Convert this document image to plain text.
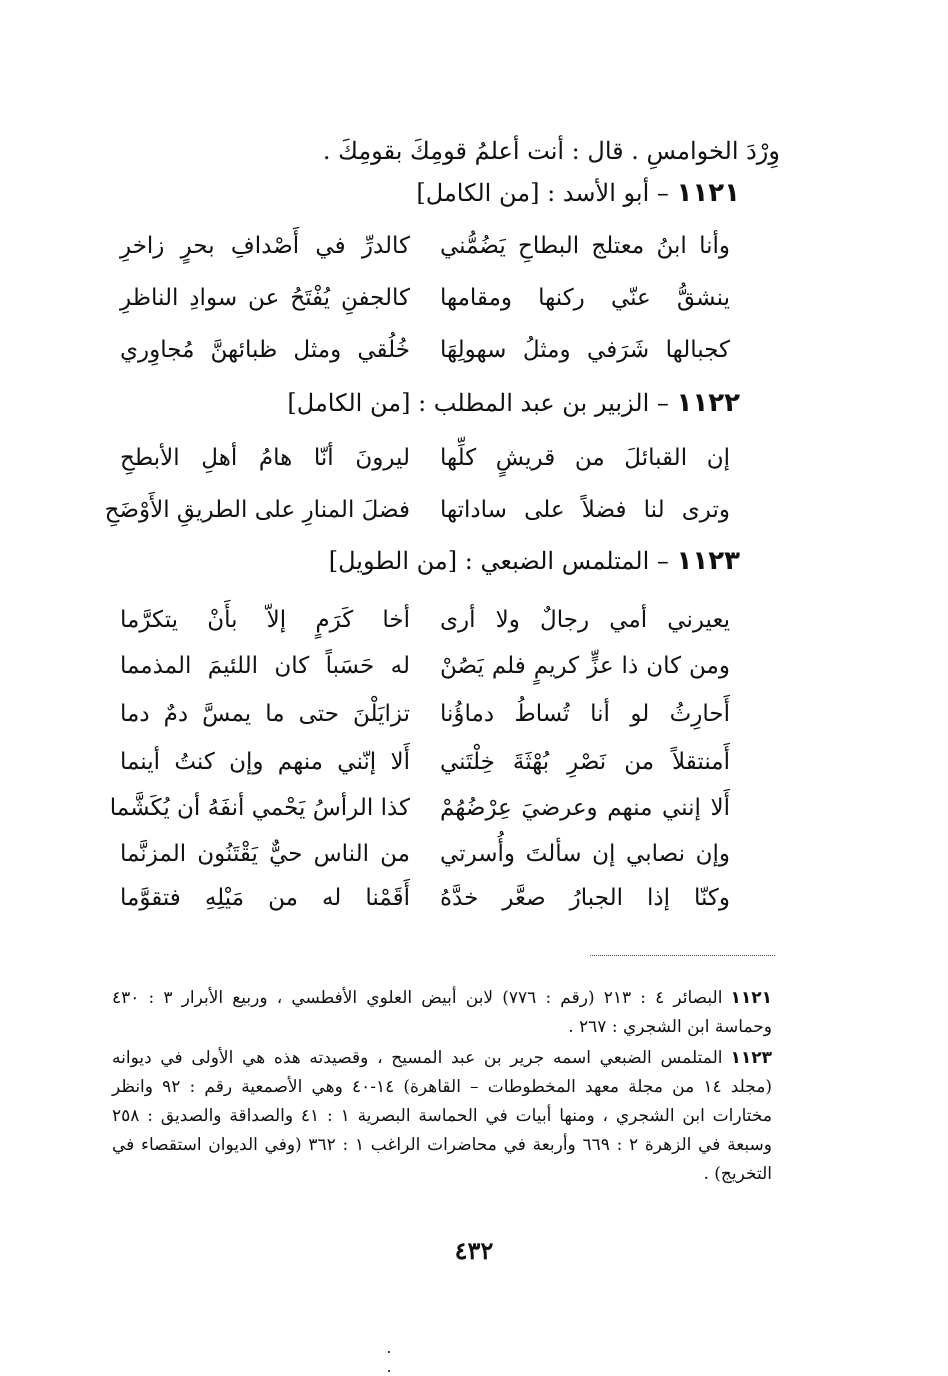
وِرْدَ الخوامسِ . قال : أنت أعلمُ قومِكَ بقومِكَ .
١١٢١ – أبو الأسد : [من الكامل]
وأنا ابنُ معتلج البطاحِ يَضُمُّني
كالدرِّ في أَصْدافِ بحرٍ زاخرِ
ينشقُّ عنّي ركنها ومقامها
كالجفنِ يُفْتَحُ عن سوادِ الناظرِ
كجبالها شَرَفي ومثلُ سهولِهَا
خُلُقي ومثل ظبائهنَّ مُجاوِري
١١٢٢ – الزبير بن عبد المطلب : [من الكامل]
إن القبائلَ من قريشٍ كلِّها
ليرونَ أنّا هامُ أهلِ الأبطحِ
وترى لنا فضلاً على ساداتها
فضلَ المنارِ على الطريقِ الأَوْضَحِ
١١٢٣ – المتلمس الضبعي : [من الطويل]
يعيرني أمي رجالٌ ولا أرى
أخا كَرَمٍ إلاّ بأَنْ يتكرَّما
ومن كان ذا عزٍّ كريمٍ فلم يَصُنْ
له حَسَباً كان اللئيمَ المذمما
أَحارِثُ لو أنا تُساطُ دماؤُنا
تزايَلْنَ حتى ما يمسَّ دمٌ دما
أَمنتقلاً من نَصْرِ بُهْثَةَ خِلْتَني
أَلا إنّني منهم وإن كنتُ أينما
أَلا إنني منهم وعرضيَ عِرْضُهُمْ
كذا الرأسُ يَحْمي أنفَهُ أن يُكَشَّما
وإن نصابي إن سألتَ وأُسرتي
من الناس حيٌّ يَقْتَنُون المزنَّما
وكنّا إذا الجبارُ صعَّر خدَّهُ
أَقَمْنا له من مَيْلِهِ فتقوَّما
١١٢١البصائر ٤ : ٢١٣ (رقم : ٧٧٦) لابن أبيض العلوي الأفطسي ، وربيع الأبرار ٣ : ٤٣٠ وحماسة ابن الشجري : ٢٦٧ .
١١٢٣المتلمس الضبعي اسمه جرير بن عبد المسيح ، وقصيدته هذه هي الأولى في ديوانه (مجلد ١٤ من مجلة معهد المخطوطات – القاهرة) ١٤-٤٠ وهي الأصمعية رقم : ٩٢ وانظر مختارات ابن الشجري ، ومنها أبيات في الحماسة البصرية ١ : ٤١ والصداقة والصديق : ٢٥٨ وسبعة في الزهرة ٢ : ٦٦٩ وأربعة في محاضرات الراغب ١ : ٣٦٢ (وفي الديوان استقصاء في التخريج) .
٤٣٢
